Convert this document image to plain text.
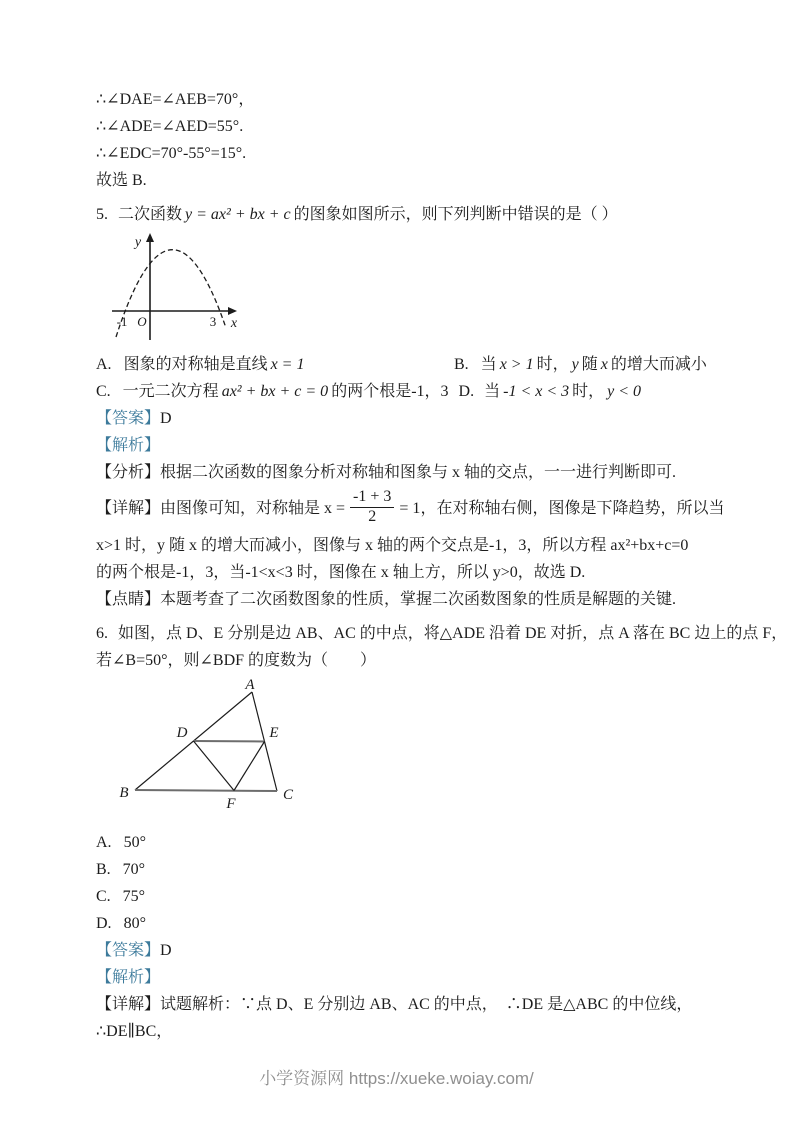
∴∠DAE=∠AEB=70°，

∴∠ADE=∠AED=55°.

∴∠EDC=70°-55°=15°.

故选 B.

5. 二次函数 y = ax² + bx + c 的图象如图所示，则下列判断中错误的是（ ）

y
x
O
-1	3

A. 图象的对称轴是直线 x = 1	B. 当 x > 1 时， y 随 x 的增大而减小

C. 一元二次方程 ax² + bx + c = 0 的两个根是-1，3 D. 当 -1 < x < 3 时， y < 0

【答案】D

【解析】

【分析】根据二次函数的图象分析对称轴和图象与 x 轴的交点，一一进行判断即可.

【详解】由图像可知，对称轴是 $x = \frac{-1 + 3}{2} = 1$，在对称轴右侧，图像是下降趋势，所以当

x>1 时，y 随 x 的增大而减小，图像与 x 轴的两个交点是-1，3，所以方程 ax²+bx+c=0

的两个根是-1，3，当-1<x<3 时，图像在 x 轴上方，所以 y>0，故选 D.

【点睛】本题考查了二次函数图象的性质，掌握二次函数图象的性质是解题的关键.

6. 如图，点 D、E 分别是边 AB、AC 的中点，将△ADE 沿着 DE 对折，点 A 落在 BC 边上的点 F，

若∠B=50°，则∠BDF 的度数为（　　）

A
B	C
D	E
F

A. 50°

B. 70°

C. 75°

D. 80°

【答案】D

【解析】

【详解】试题解析：∵点 D、E 分别边 AB、AC 的中点，　∴DE 是△ABC 的中位线，

∴DE∥BC，

小学资源网 https://xueke.woiay.com/
